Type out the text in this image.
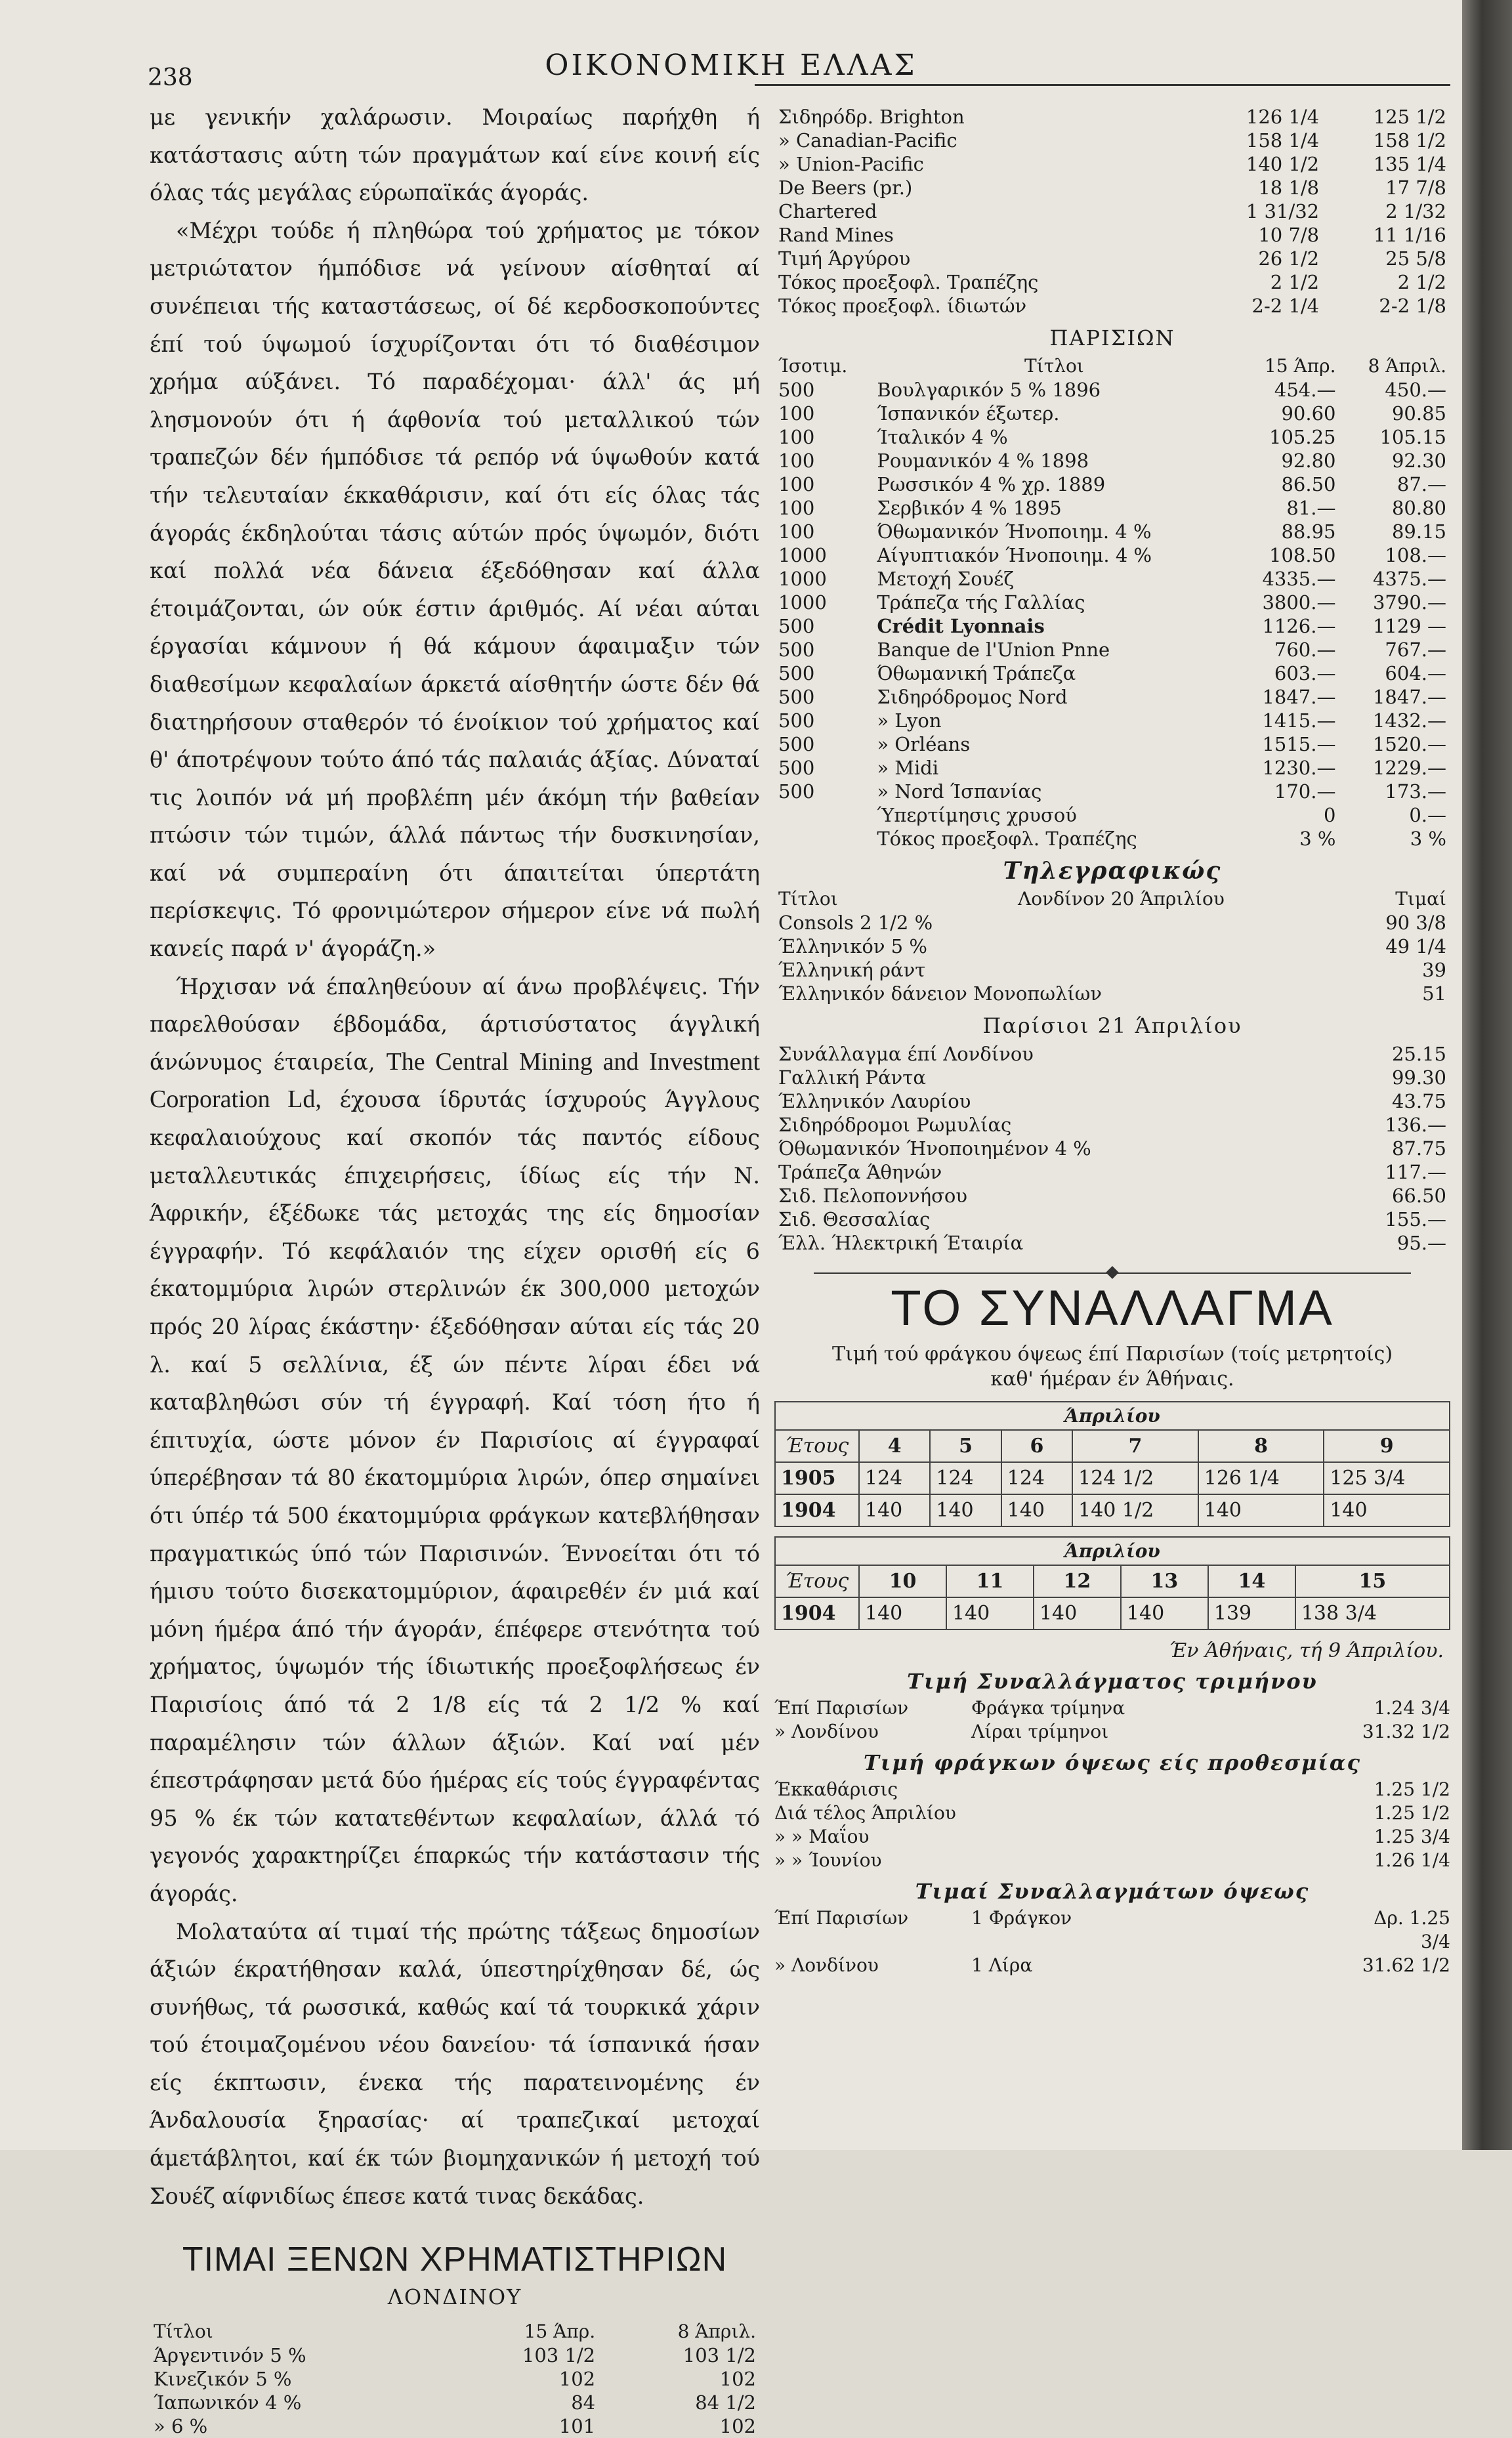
238	ΟΙΚΟΝΟΜΙΚΗ ΕΛΛΑΣ

με γενικήν χαλάρωσιν. Μοιραίως παρήχθη ή κατάστασις αύτη τών πραγμάτων καί είνε κοινή είς όλας τάς μεγάλας εύρωπαϊκάς άγοράς.

«Μέχρι τούδε ή πληθώρα τού χρήματος με τόκον μετριώτατον ήμπόδισε νά γείνουν αίσθηταί αί συνέπειαι τής καταστάσεως, οί δέ κερδοσκοπούντες έπί τού ύψωμού ίσχυρίζονται ότι τό διαθέσιμον χρήμα αύξάνει. Τό παραδέχομαι· άλλ' άς μή λησμονούν ότι ή άφθονία τού μεταλλικού τών τραπεζών δέν ήμπόδισε τά ρεπόρ νά ύψωθούν κατά τήν τελευταίαν έκκαθάρισιν, καί ότι είς όλας τάς άγοράς έκδηλούται τάσις αύτών πρός ύψωμόν, διότι καί πολλά νέα δάνεια έξεδόθησαν καί άλλα έτοιμάζονται, ών ούκ έστιν άριθμός. Αί νέαι αύται έργασίαι κάμνουν ή θά κάμουν άφαιμαξιν τών διαθεσίμων κεφαλαίων άρκετά αίσθητήν ώστε δέν θά διατηρήσουν σταθερόν τό ένοίκιον τού χρήματος καί θ' άποτρέψουν τούτο άπό τάς παλαιάς άξίας. Δύναταί τις λοιπόν νά μή προβλέπη μέν άκόμη τήν βαθείαν πτώσιν τών τιμών, άλλά πάντως τήν δυσκινησίαν, καί νά συμπεραίνη ότι άπαιτείται ύπερτάτη περίσκεψις. Τό φρονιμώτερον σήμερον είνε νά πωλή κανείς παρά ν' άγοράζη.»

Ήρχισαν νά έπαληθεύουν αί άνω προβλέψεις. Τήν παρελθούσαν έβδομάδα, άρτισύστατος άγγλική άνώνυμος έταιρεία, The Central Mining and Investment Corporation Ld, έχουσα ίδρυτάς ίσχυρούς Άγγλους κεφαλαιούχους καί σκοπόν τάς παντός είδους μεταλλευτικάς έπιχειρήσεις, ίδίως είς τήν Ν. Άφρικήν, έξέδωκε τάς μετοχάς της είς δημοσίαν έγγραφήν. Τό κεφάλαιόν της είχεν ορισθή είς 6 έκατομμύρια λιρών στερλινών έκ 300,000 μετοχών πρός 20 λίρας έκάστην· έξεδόθησαν αύται είς τάς 20 λ. καί 5 σελλίνια, έξ ών πέντε λίραι έδει νά καταβληθώσι σύν τή έγγραφή. Καί τόση ήτο ή έπιτυχία, ώστε μόνον έν Παρισίοις αί έγγραφαί ύπερέβησαν τά 80 έκατομμύρια λιρών, όπερ σημαίνει ότι ύπέρ τά 500 έκατομμύρια φράγκων κατεβλήθησαν πραγματικώς ύπό τών Παρισινών. Έννοείται ότι τό ήμισυ τούτο δισεκατομμύριον, άφαιρεθέν έν μιά καί μόνη ήμέρα άπό τήν άγοράν, έπέφερε στενότητα τού χρήματος, ύψωμόν τής ίδιωτικής προεξοφλήσεως έν Παρισίοις άπό τά 2 1/8 είς τά 2 1/2 % καί παραμέλησιν τών άλλων άξιών. Καί ναί μέν έπεστράφησαν μετά δύο ήμέρας είς τούς έγγραφέντας 95 % έκ τών κατατεθέντων κεφαλαίων, άλλά τό γεγονός χαρακτηρίζει έπαρκώς τήν κατάστασιν τής άγοράς.

Μολαταύτα αί τιμαί τής πρώτης τάξεως δημοσίων άξιών έκρατήθησαν καλά, ύπεστηρίχθησαν δέ, ώς συνήθως, τά ρωσσικά, καθώς καί τά τουρκικά χάριν τού έτοιμαζομένου νέου δανείου· τά ίσπανικά ήσαν είς έκπτωσιν, ένεκα τής παρατεινομένης έν Άνδαλουσία ξηρασίας· αί τραπεζικαί μετοχαί άμετάβλητοι, καί έκ τών βιομηχανικών ή μετοχή τού Σουέζ αίφνιδίως έπεσε κατά τινας δεκάδας.

ΤΙΜΑΙ ΞΕΝΩΝ ΧΡΗΜΑΤΙΣΤΗΡΙΩΝ
ΛΟΝΔΙΝΟΥ
Τίτλοι	15 Άπρ.	8 Άπριλ.
Άργεντινόν 5 %	103 1/2	103 1/2
Κινεζικόν 5 %	102	102
Ίαπωνικόν 4 %	84	84 1/2
» 6 %	101	102
Σιδηρόδρ. Brighton	126 1/4	125 1/2
» Canadian-Pacific	158 1/4	158 1/2
» Union-Pacific	140 1/2	135 1/4
De Beers (pr.)	18 1/8	17 7/8
Chartered	1 31/32	2 1/32
Rand Mines	10 7/8	11 1/16
Τιμή Άργύρου	26 1/2	25 5/8
Τόκος προεξοφλ. Τραπέζης	2 1/2	2 1/2
Τόκος προεξοφλ. ίδιωτών	2-2 1/4	2-2 1/8
ΠΑΡΙΣΙΩΝ
Ίσοτιμ.	Τίτλοι	15 Άπρ.	8 Άπριλ.
500	Βουλγαρικόν 5 % 1896	454.—	450.—
100	Ίσπανικόν έξωτερ.	90.60	90.85
100	Ίταλικόν 4 %	105.25	105.15
100	Ρουμανικόν 4 % 1898	92.80	92.30
100	Ρωσσικόν 4 % χρ. 1889	86.50	87.—
100	Σερβικόν 4 % 1895	81.—	80.80
100	Όθωμανικόν Ήνοποιημ. 4 %	88.95	89.15
1000	Αίγυπτιακόν Ήνοποιημ. 4 %	108.50	108.—
1000	Μετοχή Σουέζ	4335.—	4375.—
1000	Τράπεζα τής Γαλλίας	3800.—	3790.—
500	Crédit Lyonnais	1126.—	1129 —
500	Banque de l'Union Pnne	760.—	767.—
500	Όθωμανική Τράπεζα	603.—	604.—
500	Σιδηρόδρομος Nord	1847.—	1847.—
500	» Lyon	1415.—	1432.—
500	» Orléans	1515.—	1520.—
500	» Midi	1230.—	1229.—
500	» Nord Ίσπανίας	170.—	173.—
	Ύπερτίμησις χρυσού	0	0.—
	Τόκος προεξοφλ. Τραπέζης	3 %	3 %
Τηλεγραφικώς
Τίτλοι	Λονδίνον 20 Άπριλίου	Τιμαί
Consols 2 1/2 %		90 3/8
Έλληνικόν 5 %		49 1/4
Έλληνική ράντ		39
Έλληνικόν δάνειον Μονοπωλίων		51
Παρίσιοι 21 Άπριλίου
Συνάλλαγμα έπί Λονδίνου	25.15
Γαλλική Ράντα	99.30
Έλληνικόν Λαυρίου	43.75
Σιδηρόδρομοι Ρωμυλίας	136.—
Όθωμανικόν Ήνοποιημένον 4 %	87.75
Τράπεζα Άθηνών	117.—
Σιδ. Πελοποννήσου	66.50
Σιδ. Θεσσαλίας	155.—
Έλλ. Ήλεκτρική Έταιρία	95.—
ΤΟ ΣΥΝΑΛΛΑΓΜΑ
Τιμή τού φράγκου όψεως έπί Παρισίων (τοίς μετρητοίς)
καθ' ήμέραν έν Άθήναις.
Άπριλίου
Έτους	4	5	6	7	8	9
1905	124	124	124	124 1/2	126 1/4	125 3/4
1904	140	140	140	140 1/2	140	140
Άπριλίου
Έτους	10	11	12	13	14	15
1904	140	140	140	140	139	138 3/4
Έν Άθήναις, τή 9 Άπριλίου.
Τιμή Συναλλάγματος τριμήνου
Έπί Παρισίων	Φράγκα τρίμηνα	1.24 3/4
» Λονδίνου	Λίραι τρίμηνοι	31.32 1/2
Τιμή φράγκων όψεως είς προθεσμίας
Έκκαθάρισις	1.25 1/2
Διά τέλος Άπριλίου	1.25 1/2
» » Μαΐου	1.25 3/4
» » Ίουνίου	1.26 1/4
Τιμαί Συναλλαγμάτων όψεως
Έπί Παρισίων	1 Φράγκον	Δρ. 1.25 3/4
» Λονδίνου	1 Λίρα	31.62 1/2
